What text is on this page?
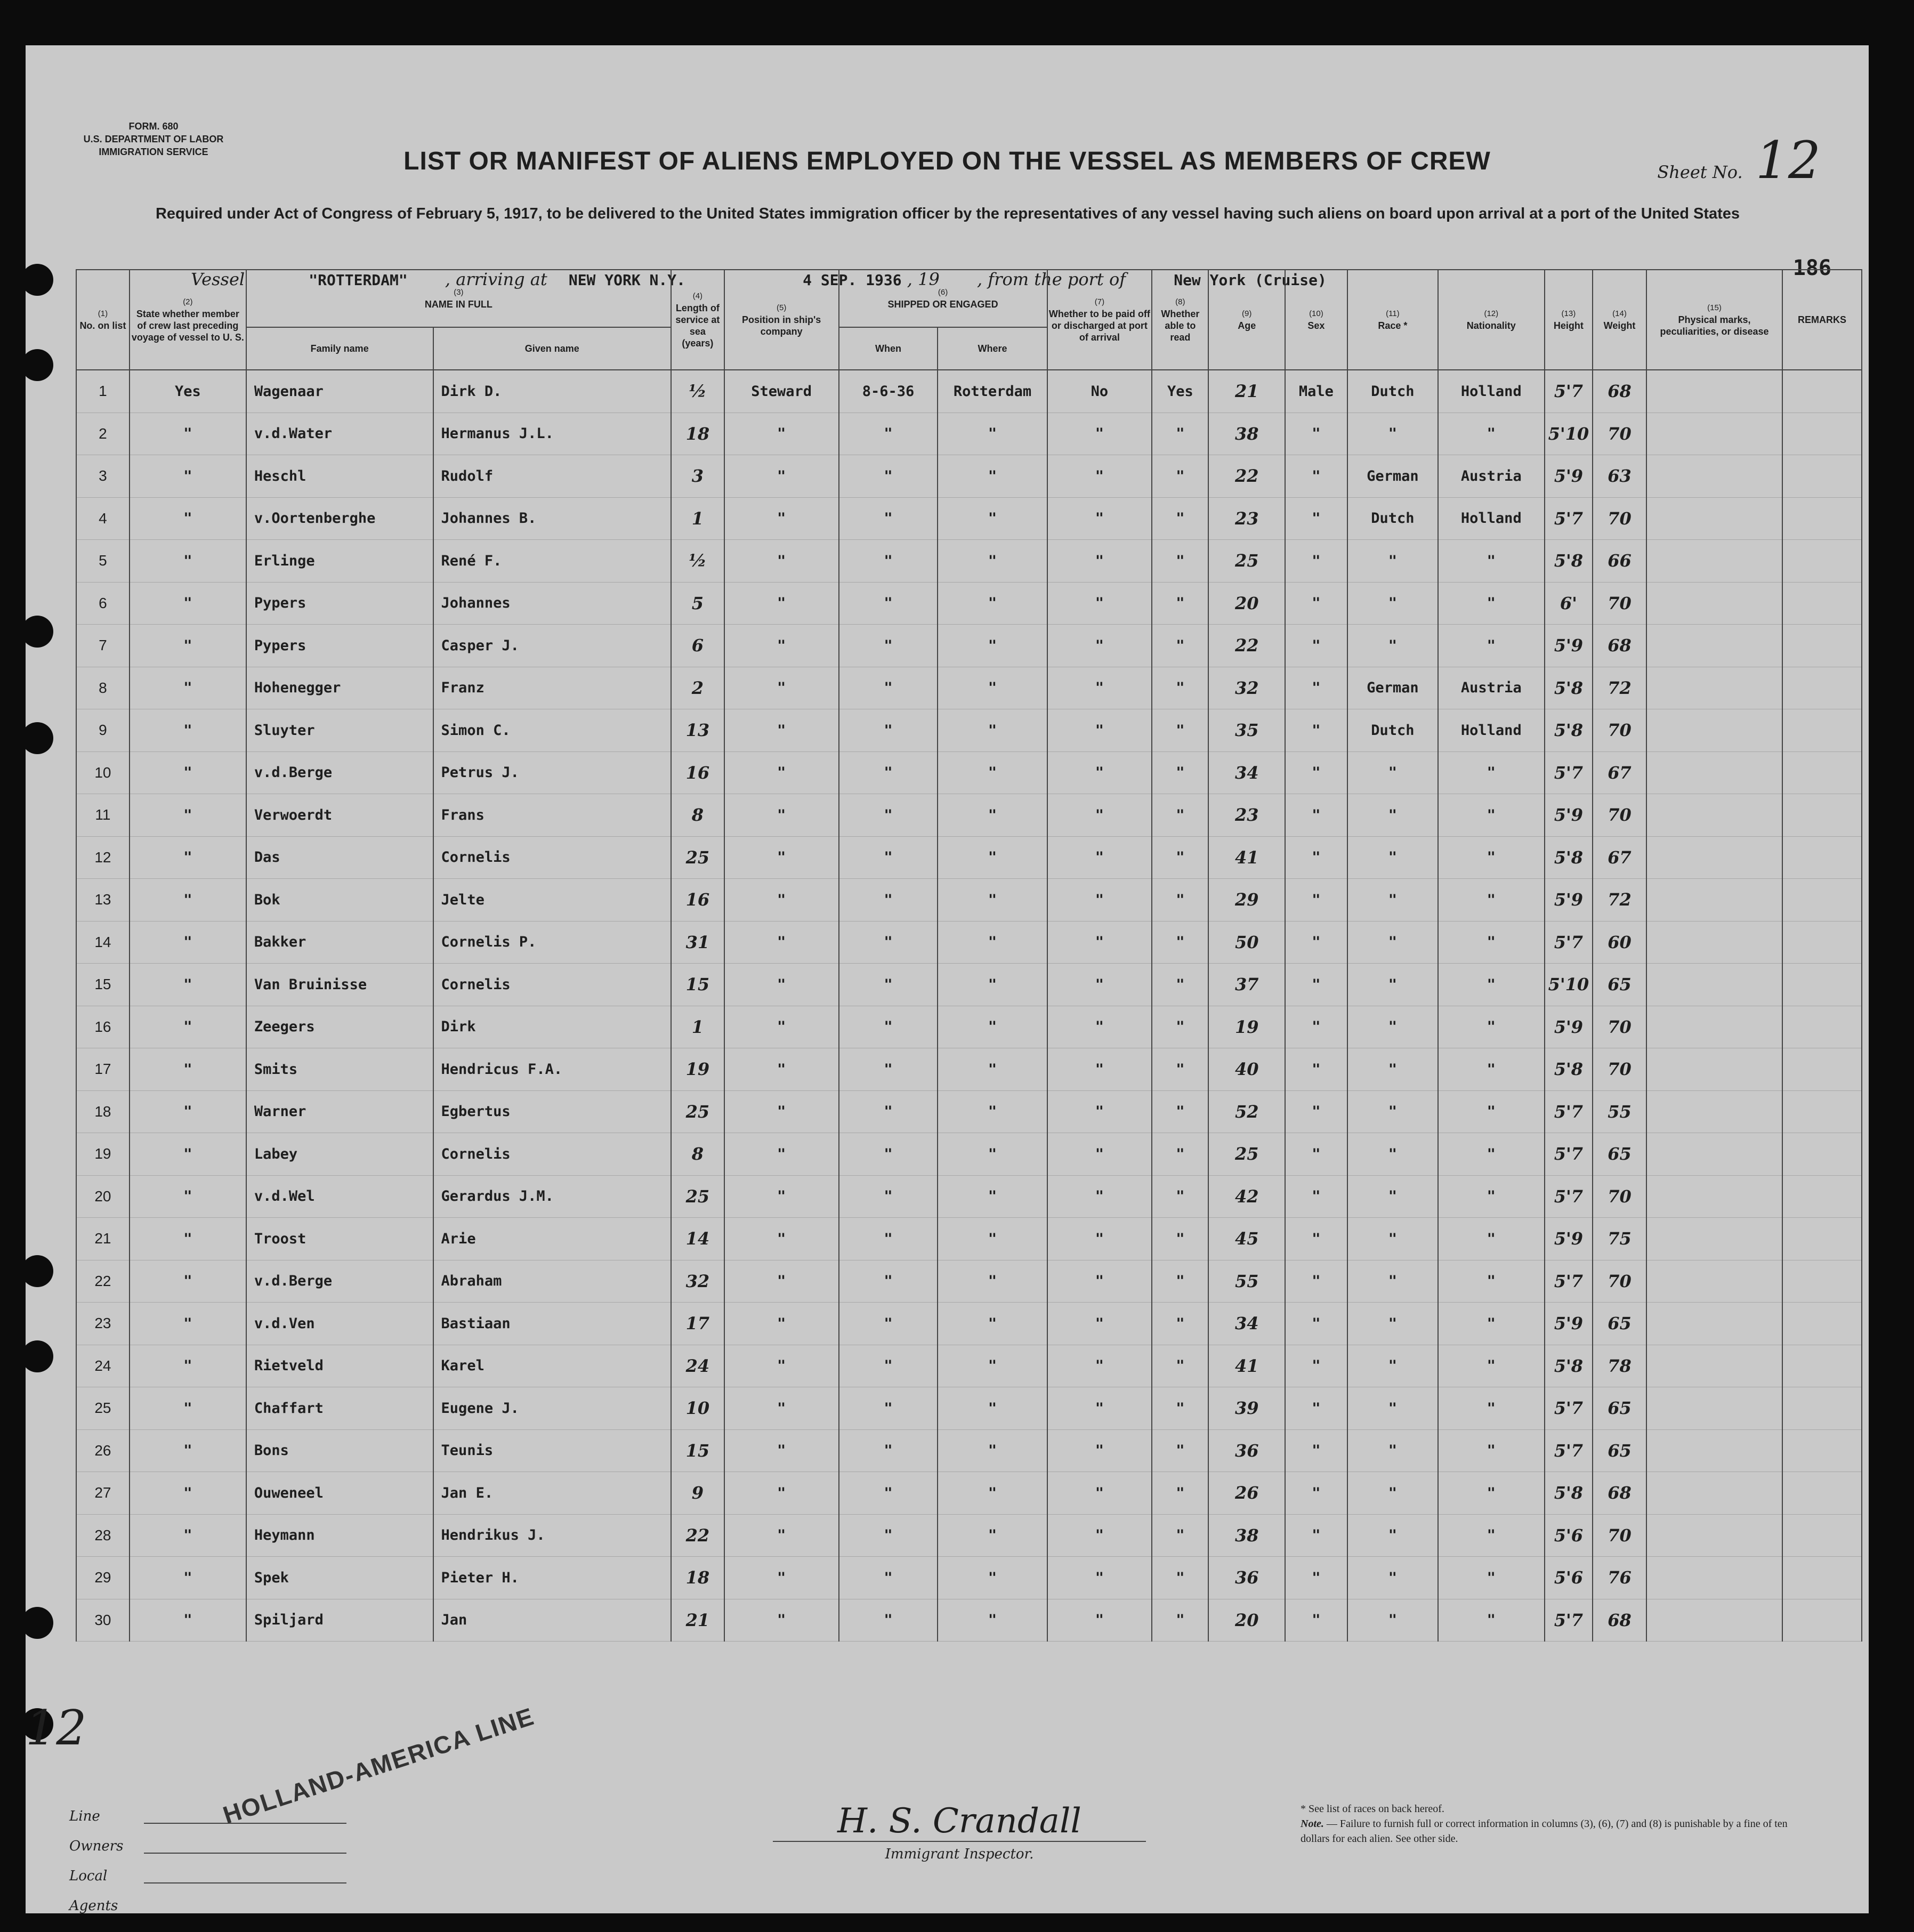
FORM. 680
U.S. DEPARTMENT OF LABOR
IMMIGRATION SERVICE
Sheet No. 12
LIST OR MANIFEST OF ALIENS EMPLOYED ON THE VESSEL AS MEMBERS OF CREW
Required under Act of Congress of February 5, 1917, to be delivered to the United States immigration officer by the representatives of any vessel having such aliens on board upon arrival at a port of the United States
Vessel	"ROTTERDAM" , arriving at NEW YORK N.Y.	4 SEP. 1936 , 19 , from the port of	New York (Cruise)	186
(1)
No. on list	(2)
State whether member of crew last preceding voyage of vessel to U. S.	(3)
NAME IN FULL		(4)
Length of service at sea (years)	(5)
Position in ship's company	(6)
SHIPPED OR ENGAGED		(7)
Whether to be paid off or discharged at port of arrival	(8)
Whether able to read	(9)
Age	(10)
Sex	(11)
Race *	(12)
Nationality	(13)
Height	(14)
Weight	(15)
Physical marks, peculiarities, or disease	REMARKS
		Family name	Given name			When	Where										
1	Yes	Wagenaar	Dirk D.	½	Steward	8-6-36	Rotterdam	No	Yes	21	Male	Dutch	Holland	5'7	68		
2	"	v.d.Water	Hermanus J.L.	18	"	"	"	"	"	38	"	"	"	5'10	70		
3	"	Heschl	Rudolf	3	"	"	"	"	"	22	"	German	Austria	5'9	63		
4	"	v.Oortenberghe	Johannes B.	1	"	"	"	"	"	23	"	Dutch	Holland	5'7	70		
5	"	Erlinge	René F.	½	"	"	"	"	"	25	"	"	"	5'8	66		
6	"	Pypers	Johannes	5	"	"	"	"	"	20	"	"	"	6'	70		
7	"	Pypers	Casper J.	6	"	"	"	"	"	22	"	"	"	5'9	68		
8	"	Hohenegger	Franz	2	"	"	"	"	"	32	"	German	Austria	5'8	72		
9	"	Sluyter	Simon C.	13	"	"	"	"	"	35	"	Dutch	Holland	5'8	70		
10	"	v.d.Berge	Petrus J.	16	"	"	"	"	"	34	"	"	"	5'7	67		
11	"	Verwoerdt	Frans	8	"	"	"	"	"	23	"	"	"	5'9	70		
12	"	Das	Cornelis	25	"	"	"	"	"	41	"	"	"	5'8	67		
13	"	Bok	Jelte	16	"	"	"	"	"	29	"	"	"	5'9	72		
14	"	Bakker	Cornelis P.	31	"	"	"	"	"	50	"	"	"	5'7	60		
15	"	Van Bruinisse	Cornelis	15	"	"	"	"	"	37	"	"	"	5'10	65		
16	"	Zeegers	Dirk	1	"	"	"	"	"	19	"	"	"	5'9	70		
17	"	Smits	Hendricus F.A.	19	"	"	"	"	"	40	"	"	"	5'8	70		
18	"	Warner	Egbertus	25	"	"	"	"	"	52	"	"	"	5'7	55		
19	"	Labey	Cornelis	8	"	"	"	"	"	25	"	"	"	5'7	65		
20	"	v.d.Wel	Gerardus J.M.	25	"	"	"	"	"	42	"	"	"	5'7	70		
21	"	Troost	Arie	14	"	"	"	"	"	45	"	"	"	5'9	75		
22	"	v.d.Berge	Abraham	32	"	"	"	"	"	55	"	"	"	5'7	70		
23	"	v.d.Ven	Bastiaan	17	"	"	"	"	"	34	"	"	"	5'9	65		
24	"	Rietveld	Karel	24	"	"	"	"	"	41	"	"	"	5'8	78		
25	"	Chaffart	Eugene J.	10	"	"	"	"	"	39	"	"	"	5'7	65		
26	"	Bons	Teunis	15	"	"	"	"	"	36	"	"	"	5'7	65		
27	"	Ouweneel	Jan E.	9	"	"	"	"	"	26	"	"	"	5'8	68		
28	"	Heymann	Hendrikus J.	22	"	"	"	"	"	38	"	"	"	5'6	70		
29	"	Spek	Pieter H.	18	"	"	"	"	"	36	"	"	"	5'6	76		
30	"	Spiljard	Jan	21	"	"	"	"	"	20	"	"	"	5'7	68		
12
Line
Owners
Local Agents
HOLLAND-AMERICA LINE	H. S. Crandall
Immigrant Inspector.
* See list of races on back hereof.
Note. — Failure to furnish full or correct information in columns (3), (6), (7) and (8) is punishable by a fine of ten dollars for each alien. See other side.
